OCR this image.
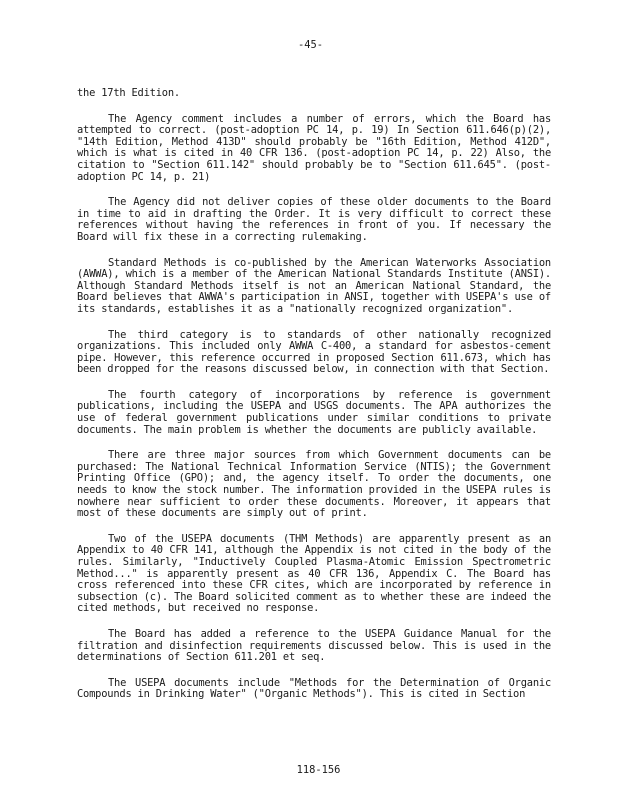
-45-

the 17th Edition.

The Agency comment includes a number of errors, which the Board has attempted to correct. (post-adoption PC 14, p. 19) In Section 611.646(p)(2), "14th Edition, Method 413D" should probably be "16th Edition, Method 412D", which is what is cited in 40 CFR 136. (post-adoption PC 14, p. 22) Also, the citation to "Section 611.142" should probably be to "Section 611.645". (post-adoption PC 14, p. 21)

The Agency did not deliver copies of these older documents to the Board in time to aid in drafting the Order. It is very difficult to correct these references without having the references in front of you. If necessary the Board will fix these in a correcting rulemaking.

Standard Methods is co-published by the American Waterworks Association (AWWA), which is a member of the American National Standards Institute (ANSI). Although Standard Methods itself is not an American National Standard, the Board believes that AWWA's participation in ANSI, together with USEPA's use of its standards, establishes it as a "nationally recognized organization".

The third category is to standards of other nationally recognized organizations. This included only AWWA C-400, a standard for asbestos-cement pipe. However, this reference occurred in proposed Section 611.673, which has been dropped for the reasons discussed below, in connection with that Section.

The fourth category of incorporations by reference is government publications, including the USEPA and USGS documents. The APA authorizes the use of federal government publications under similar conditions to private documents. The main problem is whether the documents are publicly available.

There are three major sources from which Government documents can be purchased: The National Technical Information Service (NTIS); the Government Printing Office (GPO); and, the agency itself. To order the documents, one needs to know the stock number. The information provided in the USEPA rules is nowhere near sufficient to order these documents. Moreover, it appears that most of these documents are simply out of print.

Two of the USEPA documents (THM Methods) are apparently present as an Appendix to 40 CFR 141, although the Appendix is not cited in the body of the rules. Similarly, "Inductively Coupled Plasma-Atomic Emission Spectrometric Method..." is apparently present as 40 CFR 136, Appendix C. The Board has cross referenced into these CFR cites, which are incorporated by reference in subsection (c). The Board solicited comment as to whether these are indeed the cited methods, but received no response.

The Board has added a reference to the USEPA Guidance Manual for the filtration and disinfection requirements discussed below. This is used in the determinations of Section 611.201 et seq.

The USEPA documents include "Methods for the Determination of Organic Compounds in Drinking Water" ("Organic Methods"). This is cited in Section

118-156
